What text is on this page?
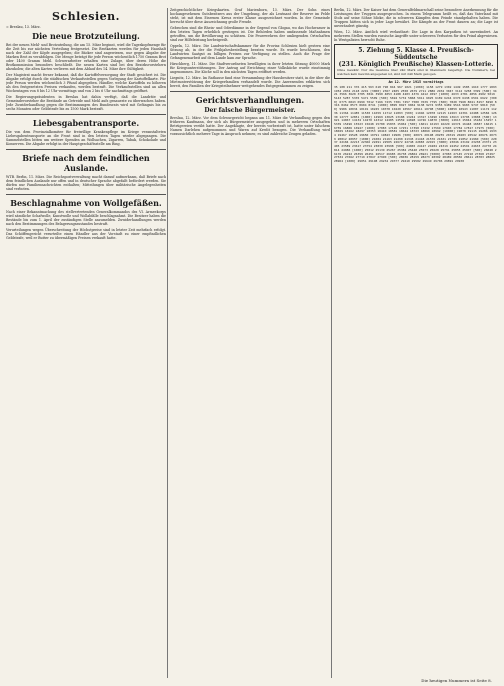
Schlesien.
= Breslau, 13. März.
Die neue Brotzuteilung.

Bei der neuen Mehl- und Brotzuteilung, die am 15. März beginnt, wird die Tageskopfmenge für die Zeit bis zur nächsten Verteilung festgesetzt. Die Brotkarten werden für jeden Haushalt nach der Zahl der Köpfe ausgegeben; die Bäcker sind angewiesen, nur gegen Abgabe der Marken Brot zu verabfolgen. Die Menge beträgt für jede Person wöchentlich 1750 Gramm Brot oder 1400 Gramm Mehl. Schwerarbeiter erhalten eine Zulage, über deren Höhe die Brotkommission besonders beschließt. Die neuen Karten sind bei den Bezirksvorstehern abzuholen; die alten Karten verlieren mit dem Ablauf des 14. März ihre Gültigkeit.

Der Magistrat macht ferner bekannt, daß die Kartoffelversorgung der Stadt gesichert ist. Die Abgabe erfolgt durch die städtischen Verkaufsstellen gegen Vorlegung der Kartoffelkarte. Für jede Person werden wöchentlich 3 Pfund abgegeben. Händler, welche Kartoffeln zu höheren als den festgesetzten Preisen verkaufen, werden bestraft. Die Verkaufsstellen sind an allen Wochentagen von 8 bis 12 Uhr vormittags und von 2 bis 6 Uhr nachmittags geöffnet.

Die Regierungspräsidenten in Breslau hat dahin verfügt, daß die Landräte und Gemeindevorsteher die Bestände an Getreide und Mehl aufs genaueste zu überwachen haben. Jede Zuwiderhandlung gegen die Bestimmungen des Bundesrats wird mit Gefängnis bis zu sechs Monaten oder Geldstrafe bis zu 1500 Mark bestraft.

Liebesgabentransporte.

Die von dem Provinzialkomitee für freiwillige Krankenpflege im Kriege veranstalteten Liebesgabentransporte an die Front sind in den letzten Tagen wieder abgegangen. Die Sammelstellen bitten um weitere Spenden an Wollsachen, Zigarren, Tabak, Schokolade und Konserven. Die Abgabe erfolgt in der Hauptgeschäftsstelle am Ring.

Briefe nach dem feindlichen Auslande.

WTB. Berlin, 11. März. Die Reichspostverwaltung macht darauf aufmerksam, daß Briefe nach dem feindlichen Auslande nur offen und in deutscher Sprache abgefaßt befördert werden. Sie dürfen nur Familiennachrichten enthalten; Mitteilungen über militärische Angelegenheiten sind verboten.

Beschlagnahme von Wollgefäßen.

Nach einer Bekanntmachung des stellvertretenden Generalkommandos des VI. Armeekorps wird sämtliche Schafwolle, Kunstwolle und Wollabfälle beschlagnahmt. Die Besitzer haben die Bestände bis zum 1. April der zuständigen Stelle anzumelden. Zuwiderhandlungen werden nach den Bestimmungen des Belagerungszustandes bestraft.

Verurteilungen wegen Überschreitung der Höchstpreise sind in letzter Zeit mehrfach erfolgt. Das Schöffengericht verurteilte einen Händler aus der Vorstadt zu einer empfindlichen Geldstrafe, weil er Butter zu übermäßigen Preisen verkauft hatte.

Zeitgeschichtlicher Kriegskarten. Graf Marienborn, 13. März. Der Sohn eines hochangesehenen Gutsbesitzers aus der Umgebung, der als Leutnant der Reserve im Felde steht, ist mit dem Eisernen Kreuz erster Klasse ausgezeichnet worden. In der Gemeinde herrscht über diese Auszeichnung große Freude.

Gebrochen sind die Rhein- und Oderdämme in der Gegend von Glogau, wo das Hochwasser in den letzten Tagen erheblich gestiegen ist. Die Behörden haben umfassende Maßnahmen getroffen, um die Bevölkerung zu schützen. Die Feuerwehren der umliegenden Ortschaften sind zur Hilfeleistung herbeigeeilt.

Oppeln, 12. März. Die Landwirtschaftskammer für die Provinz Schlesien hielt gestern eine Sitzung ab, in der die Frühjahrsbestellung beraten wurde. Es wurde beschlossen, den Landwirten Saatgut zu billigen Preisen zur Verfügung zu stellen. Auch die Frage der Gefangenenarbeit auf dem Lande kam zur Sprache.

Hirschberg, 11. März. Die Stadtverordneten bewilligten in ihrer letzten Sitzung 40000 Mark für Kriegsunterstützungen. Der Antrag auf Errichtung einer Volksküche wurde einstimmig angenommen. Die Küche soll in den nächsten Tagen eröffnet werden.

Liegnitz, 12. März. Im Rathause fand eine Versammlung der Hausbesitzer statt, in der über die Mietsunterstützung der Kriegerfamilien verhandelt wurde. Die Anwesenden erklärten sich bereit, den Familien der Kriegsteilnehmer weitgehendes Entgegenkommen zu zeigen.

Gerichtsverhandlungen.
Der falsche Bürgermeister.

Breslau, 12. März. Vor dem Schwurgericht begann am 11. März die Verhandlung gegen den früheren Kaufmann, der sich als Bürgermeister ausgegeben und in mehreren Ortschaften Betrügereien verübt hatte. Der Angeklagte, der bereits vorbestraft ist, hatte unter falschem Namen Darlehen aufgenommen und Waren auf Kredit bezogen. Die Verhandlung wird voraussichtlich mehrere Tage in Anspruch nehmen; es sind zahlreiche Zeugen geladen.

Berlin, 12. März. Der Kaiser hat dem Generalfeldmarschall seine besondere Anerkennung für die Leistungen der Truppen ausgesprochen. In einem Telegramm heißt es, daß das Vaterland mit Stolz auf seine Söhne blicke, die in schweren Kämpfen dem Feinde standgehalten haben. Die Truppen hätten sich in jeder Lage bewährt. Die Kämpfe an der Front dauern an; die Lage ist unverändert günstig.

Wien, 12. März. Amtlich wird verlautbart: Die Lage in den Karpathen ist unverändert. An mehreren Stellen wurden russische Angriffe unter schweren Verlusten für den Feind abgewiesen. In Westgalizien herrscht Ruhe.

5. Ziehung 5. Klasse 4. Preußisch-Süddeutsche
(231. Königlich Preußische) Klassen-Lotterie.
Ohne Gewähr. Nur die Gewinne über 240 Mark sind in Klammern beigefügt. Die Nummern, bei welchen kein Gewinn angegeben ist, sind mit 240 Mark gezogen.
Am 12. März 1915 vormittags
35 108 211 376 415 563 618 790 844 967 1021 [1000] 1158 1279 1302 1449 1585 1610 1777 1893 1952 2034 2118 2291 [3000] 2367 2405 2558 2679 2711 2886 2934 3047 3112 3258 3399 [500] 3421 3566 3620 3785 3841 3990 4053 4188 4203 4376 4412 4597 [1000] 4633 4781 4856 4902 5019 5143 5287 5335 5471 5509 [500] 5694 5732 5868 5911 6025 6189 6244 6370 6438 6591 6622 [3000] 6775 6843 6999 7012 7166 7235 7381 7457 7580 7639 7795 [500] 7820 7968 8041 8157 8290 8316 8462 8573 8604 8741 [1000] 8895 8927 9062 9138 9274 9355 9489 9516 9683 9747 9810 [500] 9986 10034 10191 10245 10378 10420 10567 10611 10798 [5000] 10859 10943 11007 11172 11236 11364 11485 11530 11659 11712 11893 [500] 11946 12078 12115 12263 12391 12408 12584 12630 12777 12851 [1000] 12969 13025 13188 13242 13317 13490 13566 13613 13795 13838 [500] 13921 14067 14134 14270 14312 14485 14559 14698 14726 14870 [3000] 14913 15044 15182 15257 15339 15496 15523 15648 15780 15835 15962 [500] 16011 16193 16229 16374 16448 16587 16615 16759 16806 16947 [1000] 17083 17126 17251 17398 17432 17569 17603 17784 17817 17975 [500] 18029 18162 18297 18353 18410 18581 18644 18723 18869 18992 [10000] 19078 19115 19286 19334 19467 19528 19650 19791 19843 19906 [500] 20071 20198 20255 20319 20483 20542 20676 20739 20812 20957 [1000] 21004 21163 21290 21345 21418 21576 21631 21789 21852 21960 [500] 22037 22184 22213 22366 22491 22505 22672 22748 22883 22915 [3000] 23046 23192 23238 23371 23405 23589 23617 23754 23830 23998 [500] 24065 24127 24284 24319 24452 24591 24633 24770 24814 24986 [1000] 25012 25139 25267 25384 25440 25573 25628 25791 25855 25907 [500] 26048 26176 26222 26399 26451 26517 26685 26738 26864 26921 [5000] 27083 27145 27210 27368 27497 27534 27662 27719 27847 27990 [500] 28036 28159 28273 28302 28489 28556 28611 28783 28825 28964 [1000] 29051 29198 29234 29377 29410 29582 29649 29706 29891 29938
Die heutigen Nummern ist Seite 8.
